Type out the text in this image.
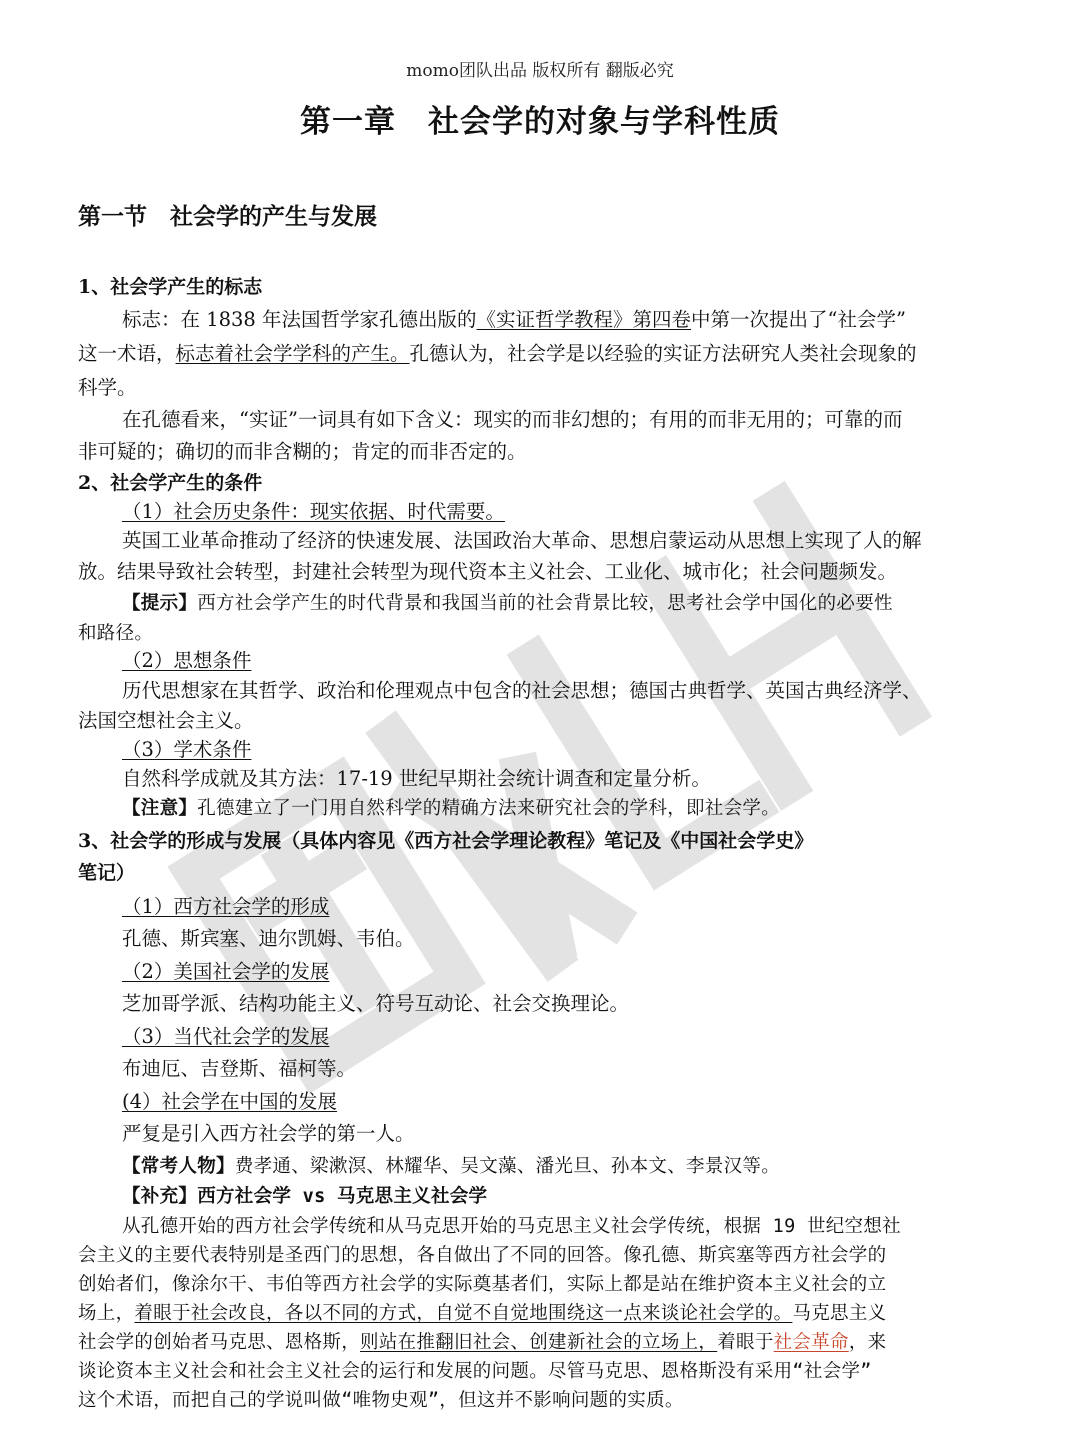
momo团队出品 版权所有 翻版必究
第一章　社会学的对象与学科性质
第一节　社会学的产生与发展
1、社会学产生的标志
标志：在 1838 年法国哲学家孔德出版的《实证哲学教程》第四卷中第一次提出了“社会学”
这一术语，标志着社会学学科的产生。孔德认为，社会学是以经验的实证方法研究人类社会现象的
科学。
在孔德看来，“实证”一词具有如下含义：现实的而非幻想的；有用的而非无用的；可靠的而
非可疑的；确切的而非含糊的；肯定的而非否定的。
2、社会学产生的条件
（1）社会历史条件：现实依据、时代需要。
英国工业革命推动了经济的快速发展、法国政治大革命、思想启蒙运动从思想上实现了人的解
放。结果导致社会转型，封建社会转型为现代资本主义社会、工业化、城市化；社会问题频发。
【提示】西方社会学产生的时代背景和我国当前的社会背景比较，思考社会学中国化的必要性
和路径。
（2）思想条件
历代思想家在其哲学、政治和伦理观点中包含的社会思想；德国古典哲学、英国古典经济学、
法国空想社会主义。
（3）学术条件
自然科学成就及其方法：17-19 世纪早期社会统计调查和定量分析。
【注意】孔德建立了一门用自然科学的精确方法来研究社会的学科，即社会学。
3、社会学的形成与发展（具体内容见《西方社会学理论教程》笔记及《中国社会学史》
笔记）
（1）西方社会学的形成
孔德、斯宾塞、迪尔凯姆、韦伯。
（2）美国社会学的发展
芝加哥学派、结构功能主义、符号互动论、社会交换理论。
（3）当代社会学的发展
布迪厄、吉登斯、福柯等。
(4）社会学在中国的发展
严复是引入西方社会学的第一人。
【常考人物】费孝通、梁漱溟、林耀华、吴文藻、潘光旦、孙本文、李景汉等。
【补充】西方社会学 vs 马克思主义社会学
从孔德开始的西方社会学传统和从马克思开始的马克思主义社会学传统，根据 19 世纪空想社
会主义的主要代表特别是圣西门的思想，各自做出了不同的回答。像孔德、斯宾塞等西方社会学的
创始者们，像涂尔干、韦伯等西方社会学的实际奠基者们，实际上都是站在维护资本主义社会的立
场上，着眼于社会改良，各以不同的方式，自觉不自觉地围绕这一点来谈论社会学的。马克思主义
社会学的创始者马克思、恩格斯，则站在推翻旧社会、创建新社会的立场上，着眼于社会革命，来
谈论资本主义社会和社会主义社会的运行和发展的问题。尽管马克思、恩格斯没有采用“社会学”
这个术语，而把自己的学说叫做“唯物史观”，但这并不影响问题的实质。
